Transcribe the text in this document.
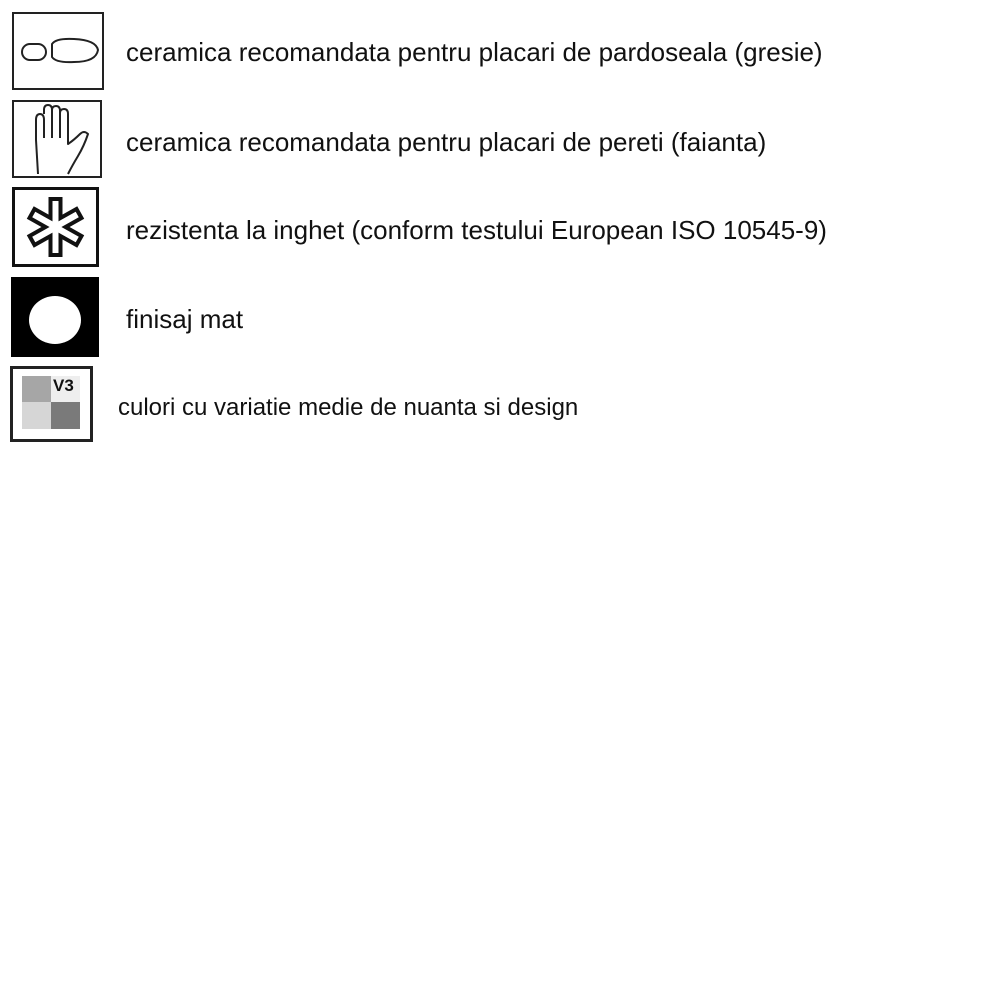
ceramica recomandata pentru placari de pardoseala (gresie)
ceramica recomandata pentru placari de pereti (faianta)
rezistenta la inghet (conform testului European ISO 10545-9)
finisaj mat
V3
culori cu variatie medie de nuanta si design
